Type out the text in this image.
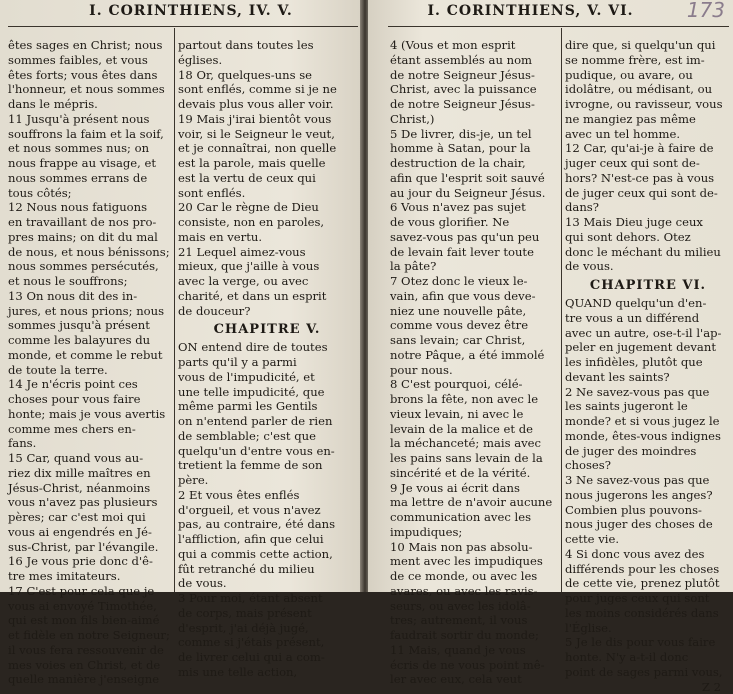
I. CORINTHIENS, IV. V.
êtes sages en Christ; nous
sommes faibles, et vous
êtes forts; vous êtes dans
l'honneur, et nous sommes
dans le mépris.
11 Jusqu'à présent nous
souffrons la faim et la soif,
et nous sommes nus; on
nous frappe au visage, et
nous sommes errans de
tous côtés;
12 Nous nous fatiguons
en travaillant de nos pro-
pres mains; on dit du mal
de nous, et nous bénissons;
nous sommes persécutés,
et nous le souffrons;
13 On nous dit des in-
jures, et nous prions; nous
sommes jusqu'à présent
comme les balayures du
monde, et comme le rebut
de toute la terre.
14 Je n'écris point ces
choses pour vous faire
honte; mais je vous avertis
comme mes chers en-
fans.
15 Car, quand vous au-
riez dix mille maîtres en
Jésus-Christ, néanmoins
vous n'avez pas plusieurs
pères; car c'est moi qui
vous ai engendrés en Jé-
sus-Christ, par l'évangile.
16 Je vous prie donc d'ê-
tre mes imitateurs.
17 C'est pour cela que je
vous ai envoyé Timothée,
qui est mon fils bien-aimé
et fidèle en notre Seigneur;
il vous fera ressouvenir de
mes voies en Christ, et de
quelle manière j'enseigne
partout dans toutes les
églises.
18 Or, quelques-uns se
sont enflés, comme si je ne
devais plus vous aller voir.
19 Mais j'irai bientôt vous
voir, si le Seigneur le veut,
et je connaîtrai, non quelle
est la parole, mais quelle
est la vertu de ceux qui
sont enflés.
20 Car le règne de Dieu
consiste, non en paroles,
mais en vertu.
21 Lequel aimez-vous
mieux, que j'aille à vous
avec la verge, ou avec
charité, et dans un esprit
de douceur?
CHAPITRE V.
ON entend dire de toutes
parts qu'il y a parmi
vous de l'impudicité, et
une telle impudicité, que
même parmi les Gentils
on n'entend parler de rien
de semblable; c'est que
quelqu'un d'entre vous en-
tretient la femme de son
père.
2 Et vous êtes enflés
d'orgueil, et vous n'avez
pas, au contraire, été dans
l'affliction, afin que celui
qui a commis cette action,
fût retranché du milieu
de vous.
3 Pour moi, étant absent
de corps, mais présent
d'esprit, j'ai déjà jugé,
comme si j'étais présent,
de livrer celui qui a com-
mis une telle action,
I. CORINTHIENS, V. VI.	173
4 (Vous et mon esprit
étant assemblés au nom
de notre Seigneur Jésus-
Christ, avec la puissance
de notre Seigneur Jésus-
Christ,)
5 De livrer, dis-je, un tel
homme à Satan, pour la
destruction de la chair,
afin que l'esprit soit sauvé
au jour du Seigneur Jésus.
6 Vous n'avez pas sujet
de vous glorifier. Ne
savez-vous pas qu'un peu
de levain fait lever toute
la pâte?
7 Otez donc le vieux le-
vain, afin que vous deve-
niez une nouvelle pâte,
comme vous devez être
sans levain; car Christ,
notre Pâque, a été immolé
pour nous.
8 C'est pourquoi, célé-
brons la fête, non avec le
vieux levain, ni avec le
levain de la malice et de
la méchanceté; mais avec
les pains sans levain de la
sincérité et de la vérité.
9 Je vous ai écrit dans
ma lettre de n'avoir aucune
communication avec les
impudiques;
10 Mais non pas absolu-
ment avec les impudiques
de ce monde, ou avec les
avares, ou avec les ravis-
seurs, ou avec les idolâ-
tres; autrement, il vous
faudrait sortir du monde;
11 Mais, quand je vous
écris de ne vous point mê-
ler avec eux, cela veut
dire que, si quelqu'un qui
se nomme frère, est im-
pudique, ou avare, ou
idolâtre, ou médisant, ou
ivrogne, ou ravisseur, vous
ne mangiez pas même
avec un tel homme.
12 Car, qu'ai-je à faire de
juger ceux qui sont de-
hors? N'est-ce pas à vous
de juger ceux qui sont de-
dans?
13 Mais Dieu juge ceux
qui sont dehors. Otez
donc le méchant du milieu
de vous.
CHAPITRE VI.
QUAND quelqu'un d'en-
tre vous a un différend
avec un autre, ose-t-il l'ap-
peler en jugement devant
les infidèles, plutôt que
devant les saints?
2 Ne savez-vous pas que
les saints jugeront le
monde? et si vous jugez le
monde, êtes-vous indignes
de juger des moindres
choses?
3 Ne savez-vous pas que
nous jugerons les anges?
Combien plus pouvons-
nous juger des choses de
cette vie.
4 Si donc vous avez des
différends pour les choses
de cette vie, prenez plutôt
pour juges ceux qui sont
les moins considérés dans
l'Église.
5 Je le dis pour vous faire
honte. N'y a-t-il donc
point de sages parmi vous,
Z 2
